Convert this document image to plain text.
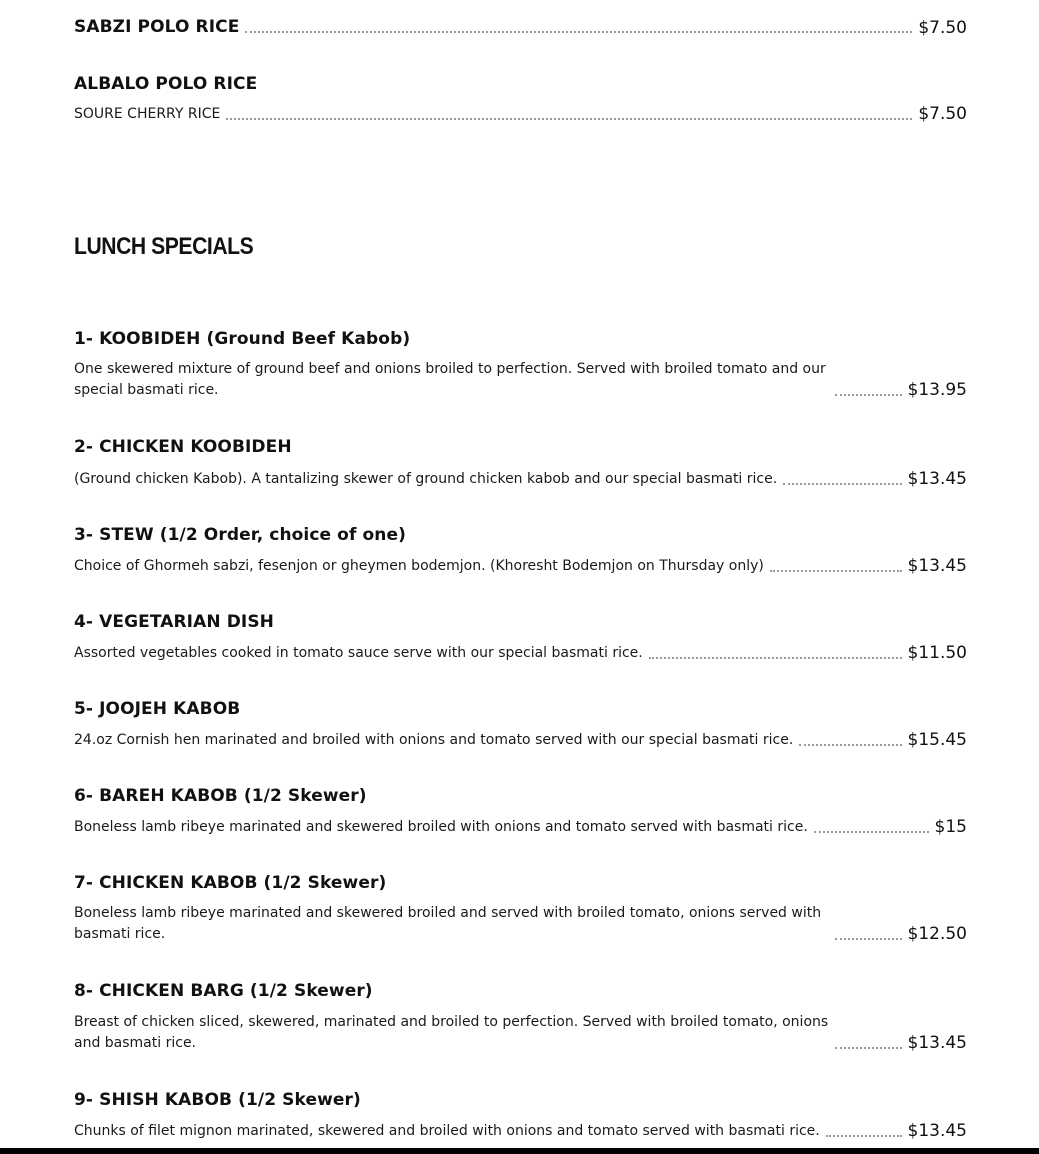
SABZI POLO RICE	$7.50
ALBALO POLO RICE
SOURE CHERRY RICE	$7.50
LUNCH SPECIALS
1- KOOBIDEH (Ground Beef Kabob)
One skewered mixture of ground beef and onions broiled to perfection. Served with broiled tomato and our special basmati rice.	$13.95
2- CHICKEN KOOBIDEH
(Ground chicken Kabob). A tantalizing skewer of ground chicken kabob and our special basmati rice.	$13.45
3- STEW (1/2 Order, choice of one)
Choice of Ghormeh sabzi, fesenjon or gheymen bodemjon. (Khoresht Bodemjon on Thursday only)	$13.45
4- VEGETARIAN DISH
Assorted vegetables cooked in tomato sauce serve with our special basmati rice.	$11.50
5- JOOJEH KABOB
24.oz Cornish hen marinated and broiled with onions and tomato served with our special basmati rice.	$15.45
6- BAREH KABOB (1/2 Skewer)
Boneless lamb ribeye marinated and skewered broiled with onions and tomato served with basmati rice.	$15
7- CHICKEN KABOB (1/2 Skewer)
Boneless lamb ribeye marinated and skewered broiled and served with broiled tomato, onions served with basmati rice.	$12.50
8- CHICKEN BARG (1/2 Skewer)
Breast of chicken sliced, skewered, marinated and broiled to perfection. Served with broiled tomato, onions and basmati rice.	$13.45
9- SHISH KABOB (1/2 Skewer)
Chunks of filet mignon marinated, skewered and broiled with onions and tomato served with basmati rice.	$13.45
